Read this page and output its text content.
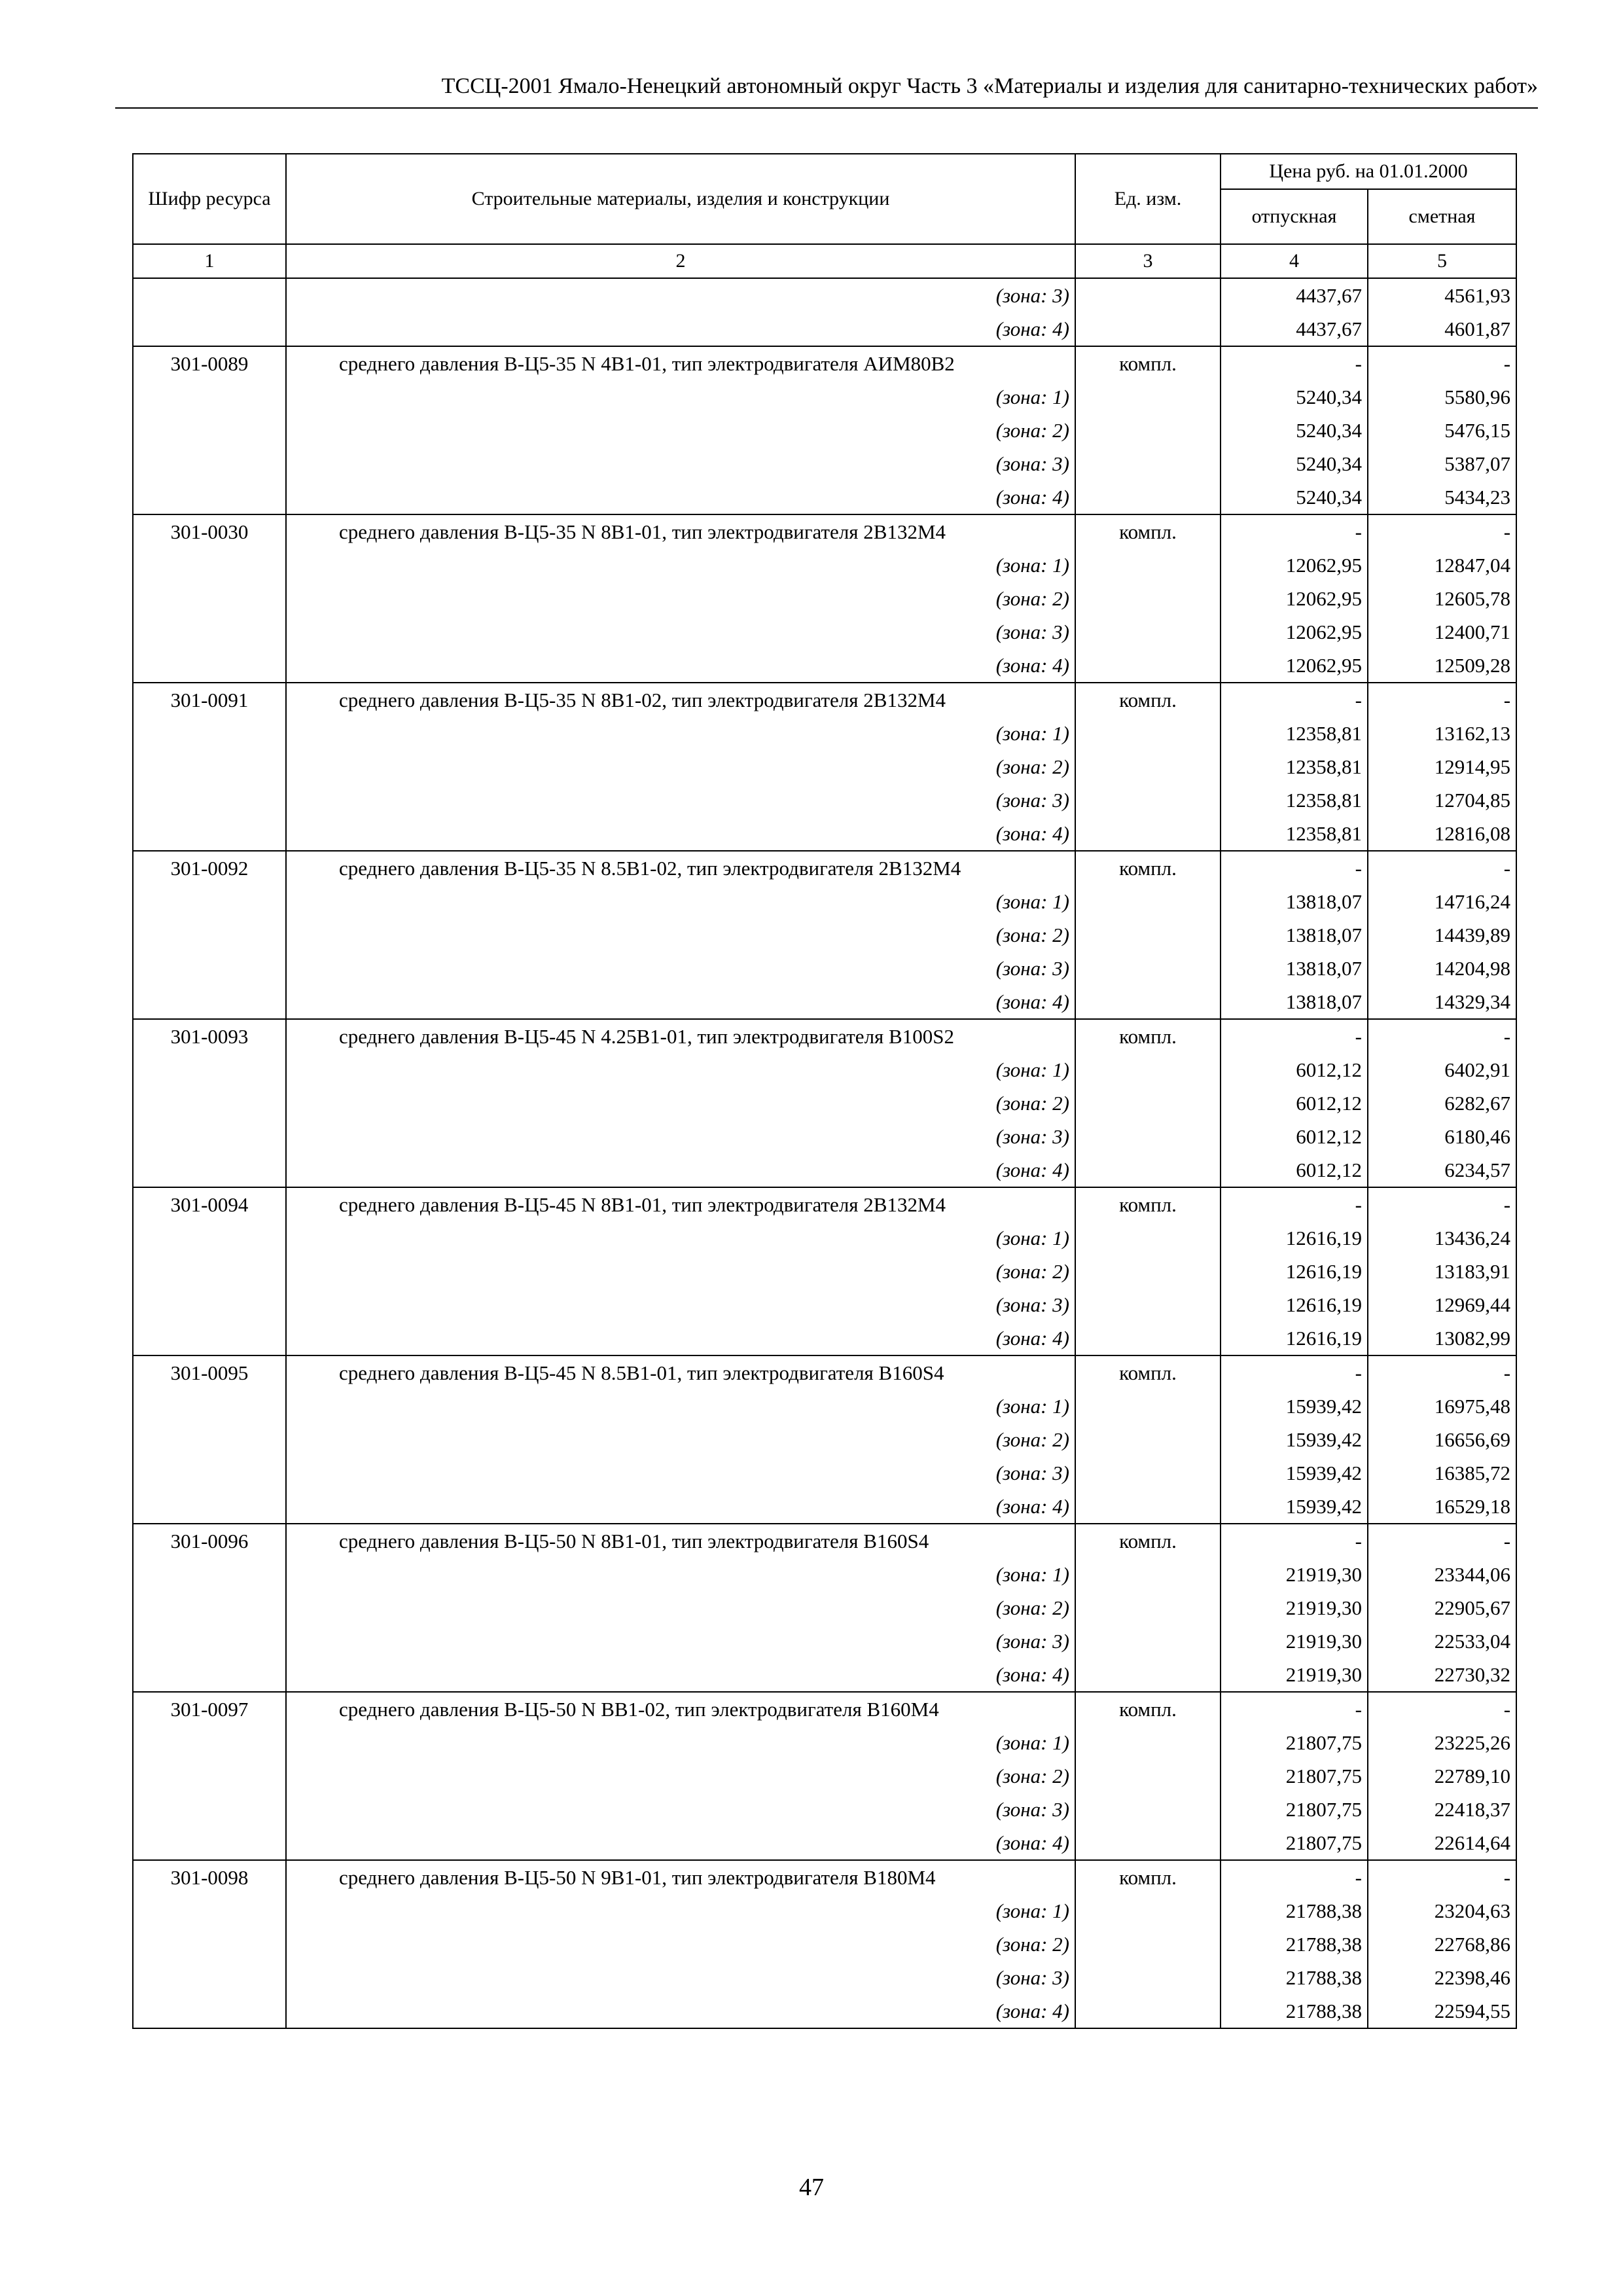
ТССЦ-2001 Ямало-Ненецкий автономный округ Часть 3 «Материалы и изделия для санитарно-технических работ»
Шифр ресурса	Строительные материалы, изделия и конструкции	Ед. изм.	Цена руб. на 01.01.2000	
			отпускная	сметная
1	2	3	4	5
	(зона: 3)		4437,67	4561,93
	(зона: 4)		4437,67	4601,87
301-0089	среднего давления В-Ц5-35 N 4В1-01, тип электродвигателя АИМ80В2	компл.	-	-
	(зона: 1)		5240,34	5580,96
	(зона: 2)		5240,34	5476,15
	(зона: 3)		5240,34	5387,07
	(зона: 4)		5240,34	5434,23
301-0030	среднего давления В-Ц5-35 N 8В1-01, тип электродвигателя 2В132М4	компл.	-	-
	(зона: 1)		12062,95	12847,04
	(зона: 2)		12062,95	12605,78
	(зона: 3)		12062,95	12400,71
	(зона: 4)		12062,95	12509,28
301-0091	среднего давления В-Ц5-35 N 8В1-02, тип электродвигателя 2В132М4	компл.	-	-
	(зона: 1)		12358,81	13162,13
	(зона: 2)		12358,81	12914,95
	(зона: 3)		12358,81	12704,85
	(зона: 4)		12358,81	12816,08
301-0092	среднего давления В-Ц5-35 N 8.5В1-02, тип электродвигателя 2В132М4	компл.	-	-
	(зона: 1)		13818,07	14716,24
	(зона: 2)		13818,07	14439,89
	(зона: 3)		13818,07	14204,98
	(зона: 4)		13818,07	14329,34
301-0093	среднего давления В-Ц5-45 N 4.25В1-01, тип электродвигателя В100S2	компл.	-	-
	(зона: 1)		6012,12	6402,91
	(зона: 2)		6012,12	6282,67
	(зона: 3)		6012,12	6180,46
	(зона: 4)		6012,12	6234,57
301-0094	среднего давления В-Ц5-45 N 8В1-01, тип электродвигателя 2В132М4	компл.	-	-
	(зона: 1)		12616,19	13436,24
	(зона: 2)		12616,19	13183,91
	(зона: 3)		12616,19	12969,44
	(зона: 4)		12616,19	13082,99
301-0095	среднего давления В-Ц5-45 N 8.5В1-01, тип электродвигателя В160S4	компл.	-	-
	(зона: 1)		15939,42	16975,48
	(зона: 2)		15939,42	16656,69
	(зона: 3)		15939,42	16385,72
	(зона: 4)		15939,42	16529,18
301-0096	среднего давления В-Ц5-50 N 8В1-01, тип электродвигателя В160S4	компл.	-	-
	(зона: 1)		21919,30	23344,06
	(зона: 2)		21919,30	22905,67
	(зона: 3)		21919,30	22533,04
	(зона: 4)		21919,30	22730,32
301-0097	среднего давления В-Ц5-50 N ВВ1-02, тип электродвигателя В160М4	компл.	-	-
	(зона: 1)		21807,75	23225,26
	(зона: 2)		21807,75	22789,10
	(зона: 3)		21807,75	22418,37
	(зона: 4)		21807,75	22614,64
301-0098	среднего давления В-Ц5-50 N 9В1-01, тип электродвигателя В180М4	компл.	-	-
	(зона: 1)		21788,38	23204,63
	(зона: 2)		21788,38	22768,86
	(зона: 3)		21788,38	22398,46
	(зона: 4)		21788,38	22594,55
47
